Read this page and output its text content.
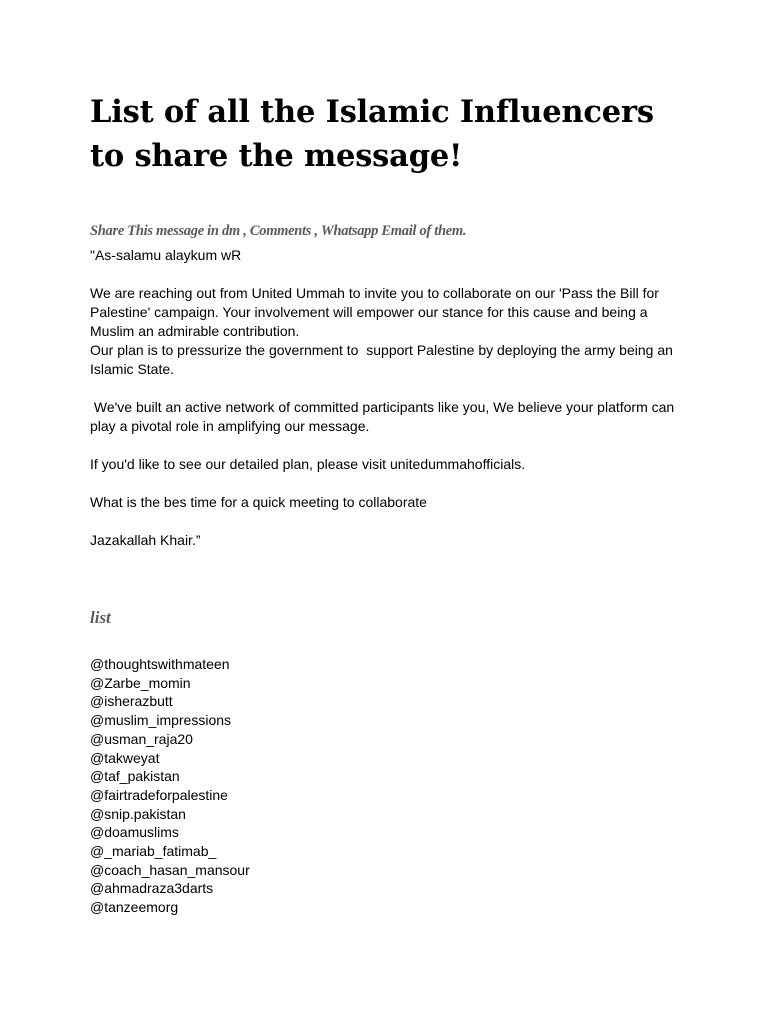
List of all the Islamic Influencers to share the message!

Share This message in dm , Comments , Whatsapp Email of them.

"As-salamu alaykum wR

We are reaching out from United Ummah to invite you to collaborate on our 'Pass the Bill for Palestine' campaign. Your involvement will empower our stance for this cause and being a Muslim an admirable contribution.

Our plan is to pressurize the government to  support Palestine by deploying the army being an Islamic State.

We've built an active network of committed participants like you, We believe your platform can play a pivotal role in amplifying our message.

If you'd like to see our detailed plan, please visit unitedummahofficials.

What is the bes time for a quick meeting to collaborate

Jazakallah Khair.”

list
@thoughtswithmateen
@Zarbe_momin
@isherazbutt
@muslim_impressions
@usman_raja20
@takweyat
@taf_pakistan
@fairtradeforpalestine
@snip.pakistan
@doamuslims
@_mariab_fatimab_
@coach_hasan_mansour
@ahmadraza3darts
@tanzeemorg
